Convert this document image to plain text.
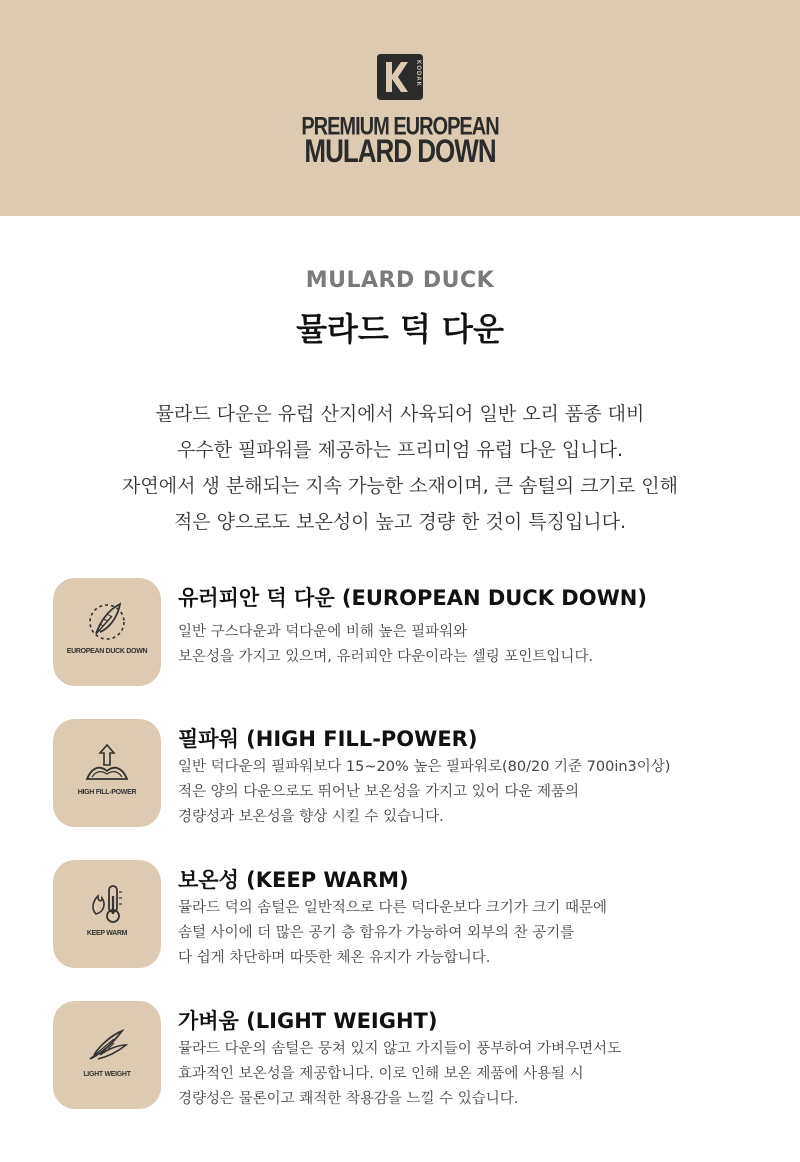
KODAK
PREMIUM EUROPEAN
MULARD DOWN
MULARD DUCK
뮬라드 덕 다운
뮬라드 다운은 유럽 산지에서 사육되어 일반 오리 품종 대비
우수한 필파워를 제공하는 프리미엄 유럽 다운 입니다.
자연에서 생 분해되는 지속 가능한 소재이며, 큰 솜털의 크기로 인해
적은 양으로도 보온성이 높고 경량 한 것이 특징입니다.
EUROPEAN DUCK DOWN
유러피안 덕 다운 (EUROPEAN DUCK DOWN)
일반 구스다운과 덕다운에 비해 높은 필파워와
보온성을 가지고 있으며, 유러피안 다운이라는 셀링 포인트입니다.
HIGH FILL-POWER
필파워 (HIGH FILL-POWER)
일반 덕다운의 필파워보다 15~20% 높은 필파워로(80/20 기준 700in3이상)
적은 양의 다운으로도 뛰어난 보온성을 가지고 있어 다운 제품의
경량성과 보온성을 향상 시킬 수 있습니다.
KEEP WARM
보온성 (KEEP WARM)
뮬라드 덕의 솜털은 일반적으로 다른 덕다운보다 크기가 크기 때문에
솜털 사이에 더 많은 공기 층 함유가 가능하여 외부의 찬 공기를
다 쉽게 차단하며 따뜻한 체온 유지가 가능합니다.
LIGHT WEIGHT
가벼움 (LIGHT WEIGHT)
뮬라드 다운의 솜털은 뭉쳐 있지 않고 가지들이 풍부하여 가벼우면서도
효과적인 보온성을 제공합니다. 이로 인해 보온 제품에 사용될 시
경량성은 물론이고 쾌적한 착용감을 느낄 수 있습니다.
